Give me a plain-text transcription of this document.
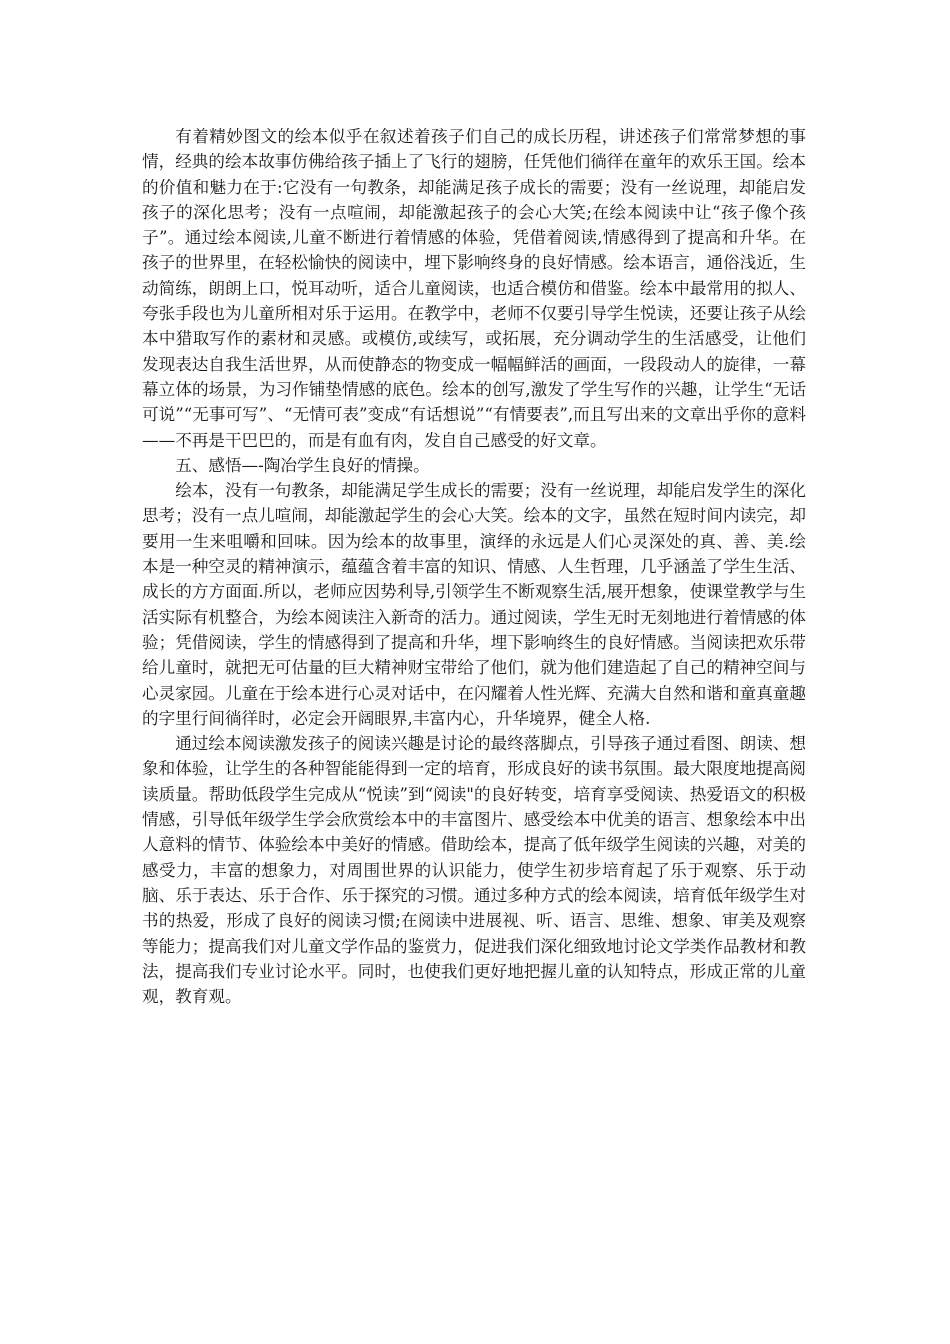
有着精妙图文的绘本似乎在叙述着孩子们自己的成长历程，讲述孩子们常常梦想的事情，经典的绘本故事仿佛给孩子插上了飞行的翅膀，任凭他们徜徉在童年的欢乐王国。绘本的价值和魅力在于:它没有一句教条，却能满足孩子成长的需要；没有一丝说理，却能启发孩子的深化思考；没有一点喧闹，却能激起孩子的会心大笑;在绘本阅读中让“孩子像个孩子”。通过绘本阅读,儿童不断进行着情感的体验，凭借着阅读,情感得到了提高和升华。在孩子的世界里，在轻松愉快的阅读中，埋下影响终身的良好情感。绘本语言，通俗浅近，生动简练，朗朗上口，悦耳动听，适合儿童阅读，也适合模仿和借鉴。绘本中最常用的拟人、夸张手段也为儿童所相对乐于运用。在教学中，老师不仅要引导学生悦读，还要让孩子从绘本中猎取写作的素材和灵感。或模仿,或续写，或拓展，充分调动学生的生活感受，让他们发现表达自我生活世界，从而使静态的物变成一幅幅鲜活的画面，一段段动人的旋律，一幕幕立体的场景，为习作铺垫情感的底色。绘本的创写,激发了学生写作的兴趣，让学生“无话可说”“无事可写”、“无情可表”变成“有话想说”“有情要表”,而且写出来的文章出乎你的意料——不再是干巴巴的，而是有血有肉，发自自己感受的好文章。

五、感悟—-陶冶学生良好的情操。

绘本，没有一句教条，却能满足学生成长的需要；没有一丝说理，却能启发学生的深化思考；没有一点儿喧闹，却能激起学生的会心大笑。绘本的文字，虽然在短时间内读完，却要用一生来咀嚼和回味。因为绘本的故事里，演绎的永远是人们心灵深处的真、善、美.绘本是一种空灵的精神演示，蕴蕴含着丰富的知识、情感、人生哲理，几乎涵盖了学生生活、成长的方方面面.所以，老师应因势利导,引领学生不断观察生活,展开想象，使课堂教学与生活实际有机整合，为绘本阅读注入新奇的活力。通过阅读，学生无时无刻地进行着情感的体验；凭借阅读，学生的情感得到了提高和升华，埋下影响终生的良好情感。当阅读把欢乐带给儿童时，就把无可估量的巨大精神财宝带给了他们，就为他们建造起了自己的精神空间与心灵家园。儿童在于绘本进行心灵对话中，在闪耀着人性光辉、充满大自然和谐和童真童趣的字里行间徜徉时，必定会开阔眼界,丰富内心，升华境界，健全人格.

通过绘本阅读激发孩子的阅读兴趣是讨论的最终落脚点，引导孩子通过看图、朗读、想象和体验，让学生的各种智能能得到一定的培育，形成良好的读书氛围。最大限度地提高阅读质量。帮助低段学生完成从“悦读”到“阅读"的良好转变，培育享受阅读、热爱语文的积极情感，引导低年级学生学会欣赏绘本中的丰富图片、感受绘本中优美的语言、想象绘本中出人意料的情节、体验绘本中美好的情感。借助绘本，提高了低年级学生阅读的兴趣，对美的感受力，丰富的想象力，对周围世界的认识能力，使学生初步培育起了乐于观察、乐于动脑、乐于表达、乐于合作、乐于探究的习惯。通过多种方式的绘本阅读，培育低年级学生对书的热爱，形成了良好的阅读习惯;在阅读中进展视、听、语言、思维、想象、审美及观察等能力；提高我们对儿童文学作品的鉴赏力，促进我们深化细致地讨论文学类作品教材和教法，提高我们专业讨论水平。同时，也使我们更好地把握儿童的认知特点，形成正常的儿童观，教育观。
